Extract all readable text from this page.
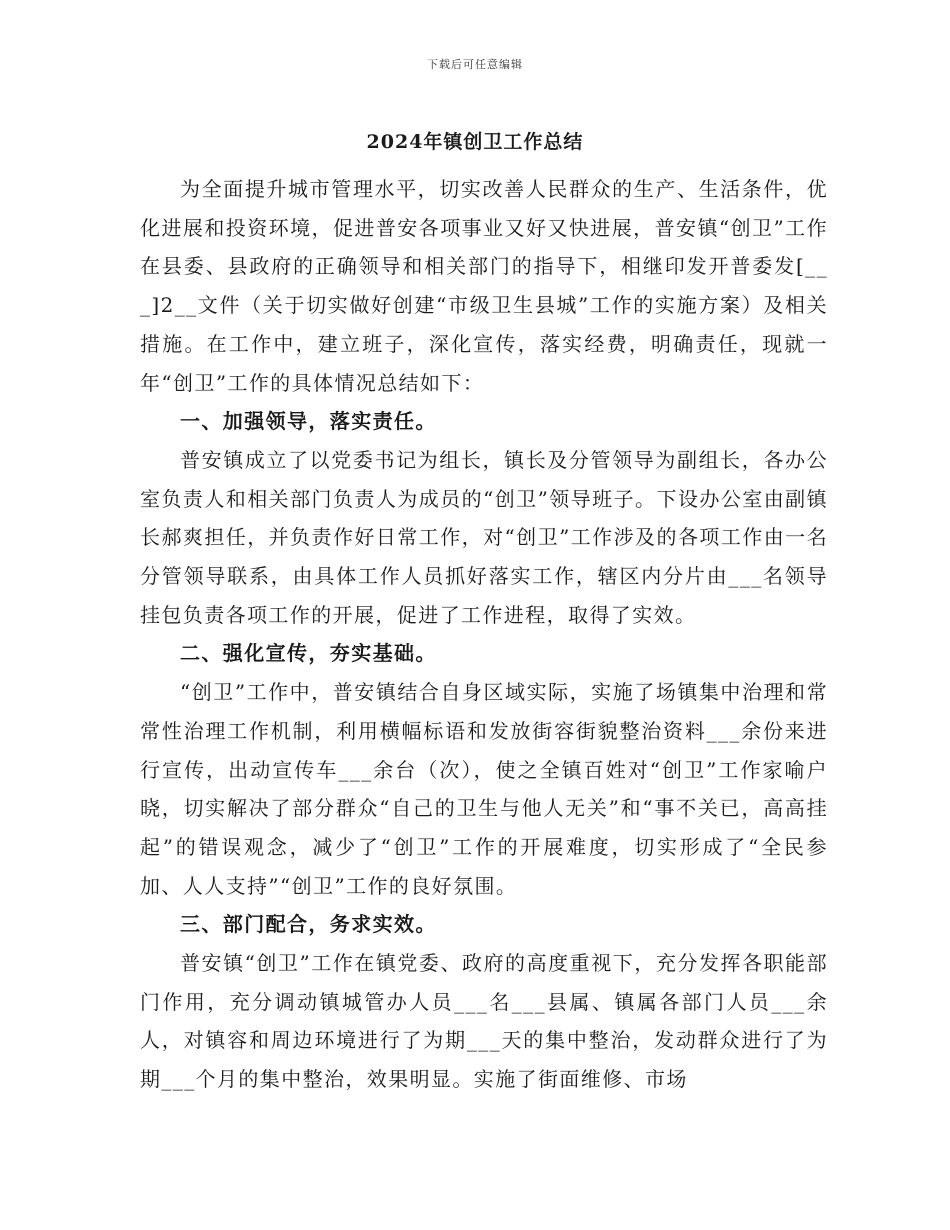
下载后可任意编辑
2024年镇创卫工作总结

为全面提升城市管理水平，切实改善人民群众的生产、生活条件，优化进展和投资环境，促进普安各项事业又好又快进展，普安镇“创卫”工作在县委、县政府的正确领导和相关部门的指导下，相继印发开普委发[___]2__文件（关于切实做好创建“市级卫生县城”工作的实施方案）及相关措施。在工作中，建立班子，深化宣传，落实经费，明确责任，现就一年“创卫”工作的具体情况总结如下：

一、加强领导，落实责任。

普安镇成立了以党委书记为组长，镇长及分管领导为副组长，各办公室负责人和相关部门负责人为成员的“创卫”领导班子。下设办公室由副镇长郝爽担任，并负责作好日常工作，对“创卫”工作涉及的各项工作由一名分管领导联系，由具体工作人员抓好落实工作，辖区内分片由___名领导挂包负责各项工作的开展，促进了工作进程，取得了实效。

二、强化宣传，夯实基础。

“创卫”工作中，普安镇结合自身区域实际，实施了场镇集中治理和常常性治理工作机制，利用横幅标语和发放街容街貌整治资料___余份来进行宣传，出动宣传车___余台（次），使之全镇百姓对“创卫”工作家喻户晓，切实解决了部分群众“自己的卫生与他人无关”和“事不关已，高高挂起”的错误观念，减少了“创卫”工作的开展难度，切实形成了“全民参加、人人支持”“创卫”工作的良好氛围。

三、部门配合，务求实效。

普安镇“创卫”工作在镇党委、政府的高度重视下，充分发挥各职能部门作用，充分调动镇城管办人员___名___县属、镇属各部门人员___余人，对镇容和周边环境进行了为期___天的集中整治，发动群众进行了为期___个月的集中整治，效果明显。实施了街面维修、市场
